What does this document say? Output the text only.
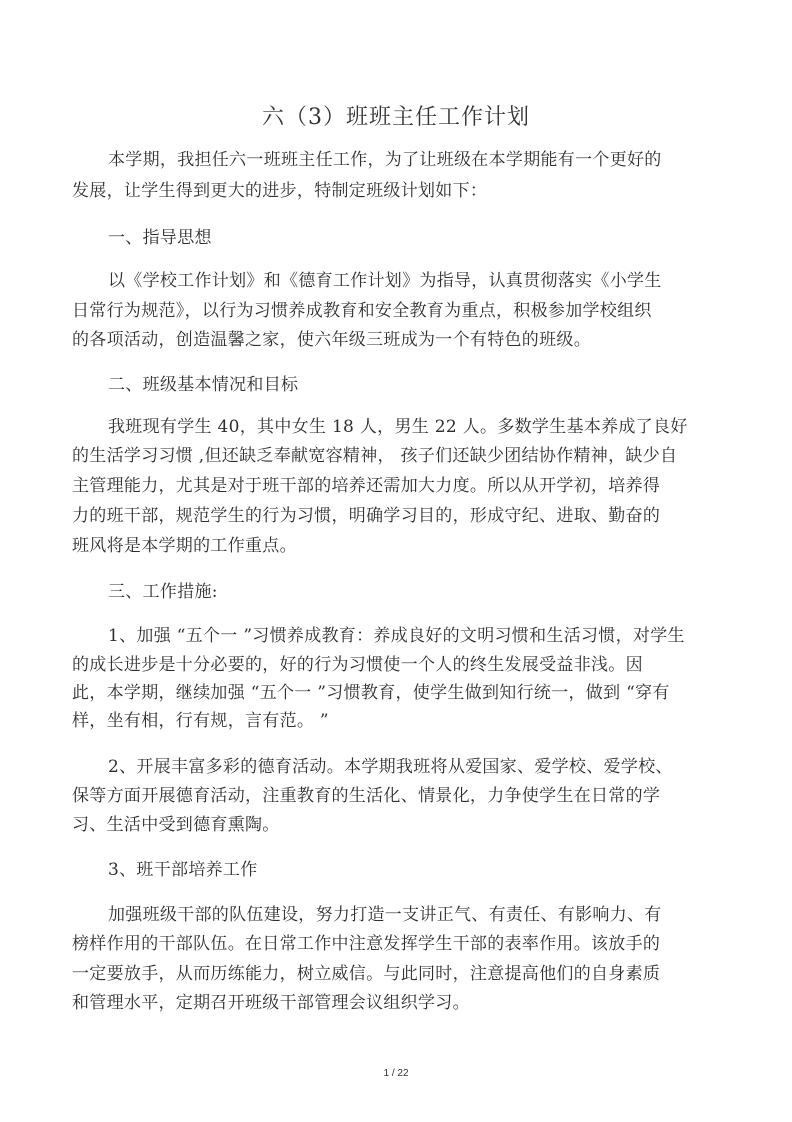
六（3）班班主任工作计划
本学期，我担任六一班班主任工作，为了让班级在本学期能有一个更好的
发展，让学生得到更大的进步，特制定班级计划如下：
一、指导思想
以《学校工作计划》和《德育工作计划》为指导，认真贯彻落实《小学生
日常行为规范》，以行为习惯养成教育和安全教育为重点，积极参加学校组织
的各项活动，创造温馨之家，使六年级三班成为一个有特色的班级。
二、班级基本情况和目标
我班现有学生 40，其中女生 18 人，男生 22 人。多数学生基本养成了良好
的生活学习习惯 ,但还缺乏奉献宽容精神， 孩子们还缺少团结协作精神，缺少自
主管理能力，尤其是对于班干部的培养还需加大力度。所以从开学初，培养得
力的班干部，规范学生的行为习惯，明确学习目的，形成守纪、进取、勤奋的
班风将是本学期的工作重点。
三、工作措施:
1、加强 “五个一 ”习惯养成教育：养成良好的文明习惯和生活习惯，对学生
的成长进步是十分必要的，好的行为习惯使一个人的终生发展受益非浅。因
此，本学期，继续加强 “五个一 ”习惯教育，使学生做到知行统一，做到 “穿有
样，坐有相，行有规，言有范。 ”
2、开展丰富多彩的德育活动。本学期我班将从爱国家、爱学校、爱学校、
保等方面开展德育活动，注重教育的生活化、情景化，力争使学生在日常的学
习、生活中受到德育熏陶。
3、班干部培养工作
加强班级干部的队伍建设，努力打造一支讲正气、有责任、有影响力、有
榜样作用的干部队伍。在日常工作中注意发挥学生干部的表率作用。该放手的
一定要放手，从而历练能力，树立威信。与此同时，注意提高他们的自身素质
和管理水平，定期召开班级干部管理会议组织学习。
1 / 22
